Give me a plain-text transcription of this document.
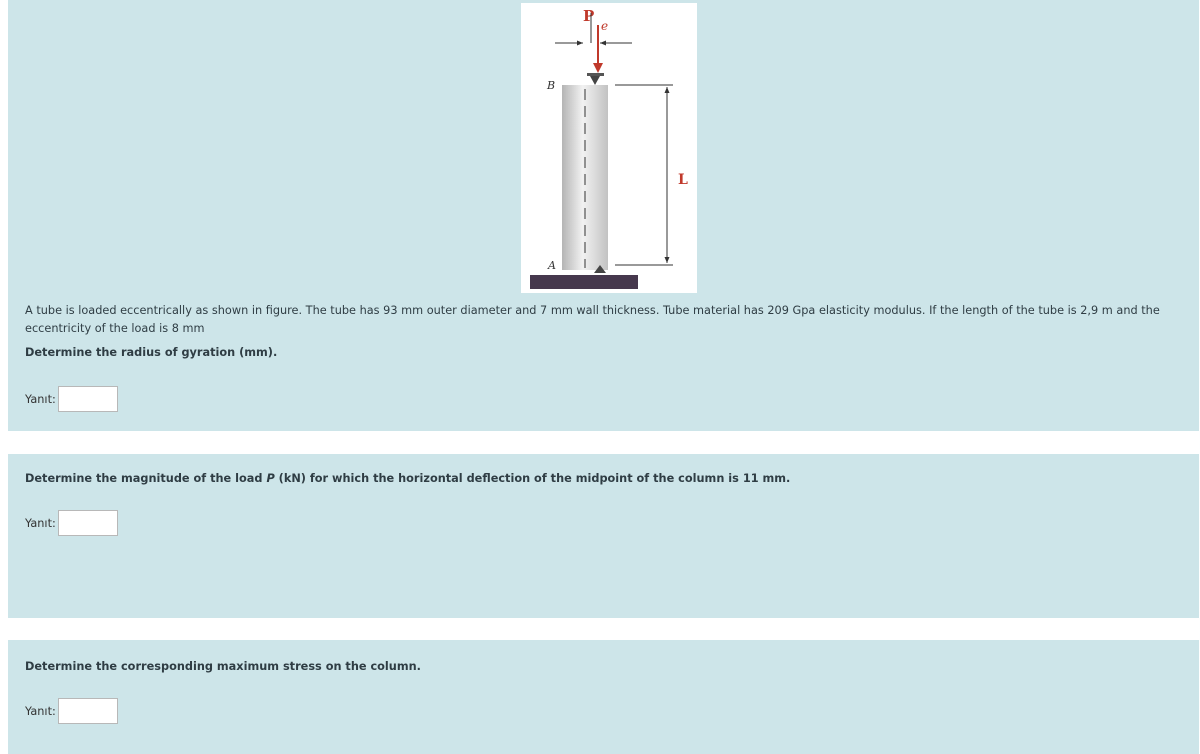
P
e
B
A
L
A tube is loaded eccentrically as shown in figure. The tube has 93 mm outer diameter and 7 mm wall thickness. Tube material has 209 Gpa elasticity modulus. If the length of the tube is 2,9 m and the eccentricity of the load is 8 mm
Determine the radius of gyration (mm).
Yanıt:
Determine the magnitude of the load P (kN) for which the horizontal deflection of the midpoint of the column is 11 mm.
Yanıt:
Determine the corresponding maximum stress on the column.
Yanıt:
